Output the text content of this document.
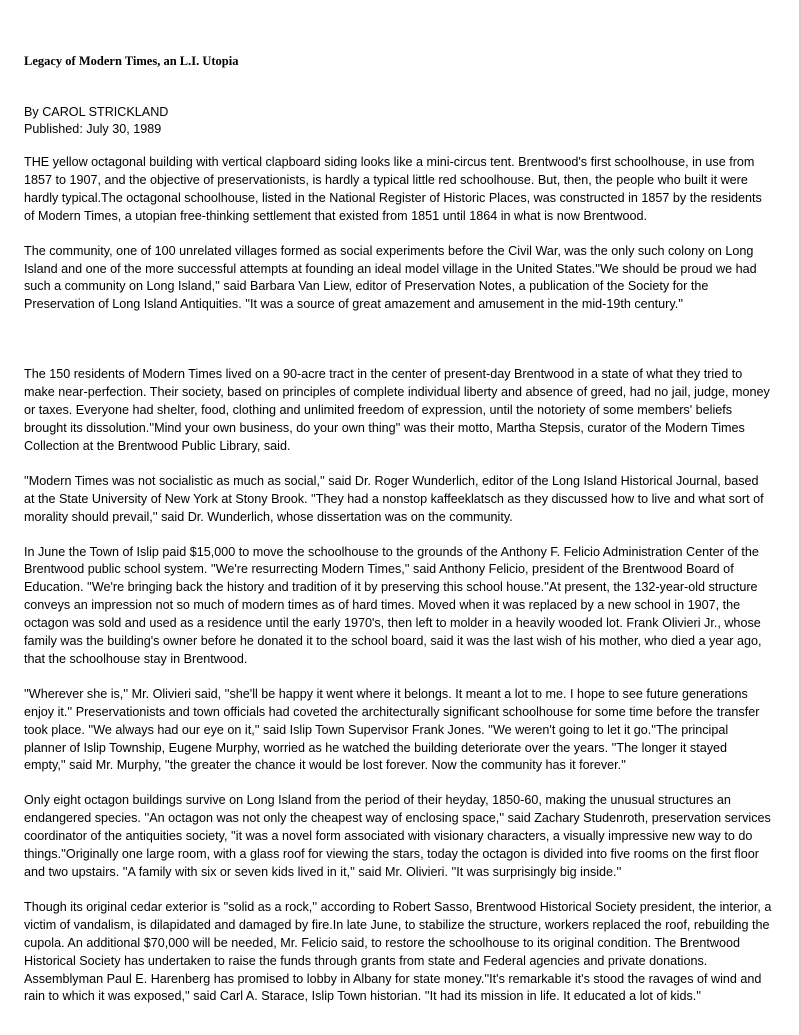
Legacy of Modern Times, an L.I. Utopia
By CAROL STRICKLAND
Published: July 30, 1989

THE yellow octagonal building with vertical clapboard siding looks like a mini-circus tent. Brentwood's first schoolhouse, in use from 1857 to 1907, and the objective of preservationists, is hardly a typical little red schoolhouse. But, then, the people who built it were hardly typical.The octagonal schoolhouse, listed in the National Register of Historic Places, was constructed in 1857 by the residents of Modern Times, a utopian free-thinking settlement that existed from 1851 until 1864 in what is now Brentwood.

The community, one of 100 unrelated villages formed as social experiments before the Civil War, was the only such colony on Long Island and one of the more successful attempts at founding an ideal model village in the United States.''We should be proud we had such a community on Long Island,'' said Barbara Van Liew, editor of Preservation Notes, a publication of the Society for the Preservation of Long Island Antiquities. ''It was a source of great amazement and amusement in the mid-19th century.''

The 150 residents of Modern Times lived on a 90-acre tract in the center of present-day Brentwood in a state of what they tried to make near-perfection. Their society, based on principles of complete individual liberty and absence of greed, had no jail, judge, money or taxes. Everyone had shelter, food, clothing and unlimited freedom of expression, until the notoriety of some members' beliefs brought its dissolution.''Mind your own business, do your own thing'' was their motto, Martha Stepsis, curator of the Modern Times Collection at the Brentwood Public Library, said.

''Modern Times was not socialistic as much as social,'' said Dr. Roger Wunderlich, editor of the Long Island Historical Journal, based at the State University of New York at Stony Brook. ''They had a nonstop kaffeeklatsch as they discussed how to live and what sort of morality should prevail,'' said Dr. Wunderlich, whose dissertation was on the community.

In June the Town of Islip paid $15,000 to move the schoolhouse to the grounds of the Anthony F. Felicio Administration Center of the Brentwood public school system. ''We're resurrecting Modern Times,'' said Anthony Felicio, president of the Brentwood Board of Education. ''We're bringing back the history and tradition of it by preserving this school house.''At present, the 132-year-old structure conveys an impression not so much of modern times as of hard times. Moved when it was replaced by a new school in 1907, the octagon was sold and used as a residence until the early 1970's, then left to molder in a heavily wooded lot. Frank Olivieri Jr., whose family was the building's owner before he donated it to the school board, said it was the last wish of his mother, who died a year ago, that the schoolhouse stay in Brentwood.

''Wherever she is,'' Mr. Olivieri said, ''she'll be happy it went where it belongs. It meant a lot to me. I hope to see future generations enjoy it.'' Preservationists and town officials had coveted the architecturally significant schoolhouse for some time before the transfer took place. ''We always had our eye on it,'' said Islip Town Supervisor Frank Jones. ''We weren't going to let it go.''The principal planner of Islip Township, Eugene Murphy, worried as he watched the building deteriorate over the years. ''The longer it stayed empty,'' said Mr. Murphy, ''the greater the chance it would be lost forever. Now the community has it forever.''

Only eight octagon buildings survive on Long Island from the period of their heyday, 1850-60, making the unusual structures an endangered species. ''An octagon was not only the cheapest way of enclosing space,'' said Zachary Studenroth, preservation services coordinator of the antiquities society, ''it was a novel form associated with visionary characters, a visually impressive new way to do things.''Originally one large room, with a glass roof for viewing the stars, today the octagon is divided into five rooms on the first floor and two upstairs. ''A family with six or seven kids lived in it,'' said Mr. Olivieri. ''It was surprisingly big inside.''

Though its original cedar exterior is ''solid as a rock,'' according to Robert Sasso, Brentwood Historical Society president, the interior, a victim of vandalism, is dilapidated and damaged by fire.In late June, to stabilize the structure, workers replaced the roof, rebuilding the cupola. An additional $70,000 will be needed, Mr. Felicio said, to restore the schoolhouse to its original condition. The Brentwood Historical Society has undertaken to raise the funds through grants from state and Federal agencies and private donations. Assemblyman Paul E. Harenberg has promised to lobby in Albany for state money.''It's remarkable it's stood the ravages of wind and rain to which it was exposed,'' said Carl A. Starace, Islip Town historian. ''It had its mission in life. It educated a lot of kids.''
